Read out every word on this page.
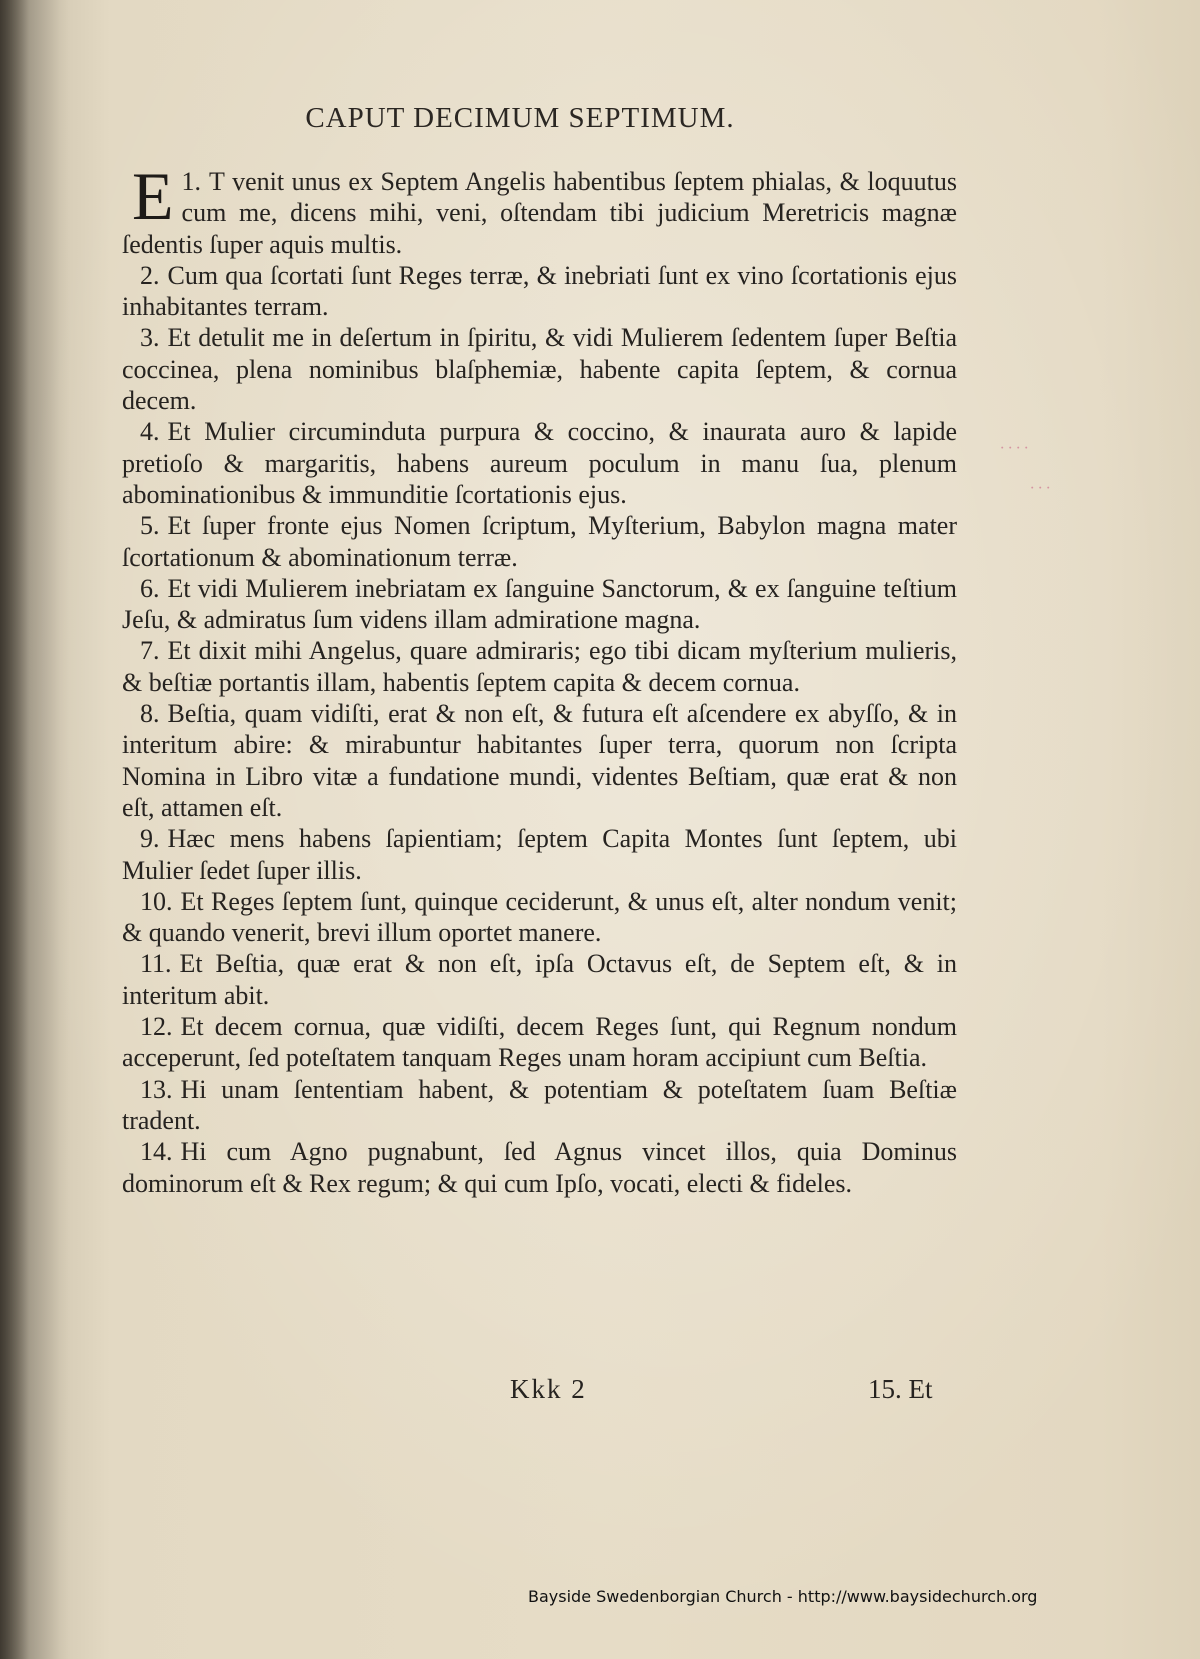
· · · ·
· · ·
CAPUT DECIMUM SEPTIMUM.

1.
E T venit unus ex Septem Angelis habentibus ſeptem phialas, & loquutus cum me, dicens mihi, veni, oſtendam tibi judicium Meretricis magnæ ſedentis ſuper aquis multis.

2. Cum qua ſcortati ſunt Reges terræ, & inebriati ſunt ex vino ſcortationis ejus inhabitantes terram.

3. Et detulit me in deſertum in ſpiritu, & vidi Mulierem ſedentem ſuper Beſtia coccinea, plena nominibus blaſphemiæ, habente capita ſeptem, & cornua decem.

4. Et Mulier circuminduta purpura & coccino, & inaurata auro & lapide pretioſo & margaritis, habens aureum poculum in manu ſua, plenum abominationibus & immunditie ſcortationis ejus.

5. Et ſuper fronte ejus Nomen ſcriptum, Myſterium, Babylon magna mater ſcortationum & abominationum terræ.

6. Et vidi Mulierem inebriatam ex ſanguine Sanctorum, & ex ſanguine teſtium Jeſu, & admiratus ſum videns illam admiratione magna.

7. Et dixit mihi Angelus, quare admiraris; ego tibi dicam myſterium mulieris, & beſtiæ portantis illam, habentis ſeptem capita & decem cornua.

8. Beſtia, quam vidiſti, erat & non eſt, & futura eſt aſcendere ex abyſſo, & in interitum abire: & mirabuntur habitantes ſuper terra, quorum non ſcripta Nomina in Libro vitæ a fundatione mundi, videntes Beſtiam, quæ erat & non eſt, attamen eſt.

9. Hæc mens habens ſapientiam; ſeptem Capita Montes ſunt ſeptem, ubi Mulier ſedet ſuper illis.

10. Et Reges ſeptem ſunt, quinque ceciderunt, & unus eſt, alter nondum venit; & quando venerit, brevi illum oportet manere.

11. Et Beſtia, quæ erat & non eſt, ipſa Octavus eſt, de Septem eſt, & in interitum abit.

12. Et decem cornua, quæ vidiſti, decem Reges ſunt, qui Regnum nondum acceperunt, ſed poteſtatem tanquam Reges unam horam accipiunt cum Beſtia.

13. Hi unam ſententiam habent, & potentiam & poteſtatem ſuam Beſtiæ tradent.

14. Hi cum Agno pugnabunt, ſed Agnus vincet illos, quia Dominus dominorum eſt & Rex regum; & qui cum Ipſo, vocati, electi & fideles.

Kkk 2	15. Et
Bayside Swedenborgian Church - http://www.baysidechurch.org
